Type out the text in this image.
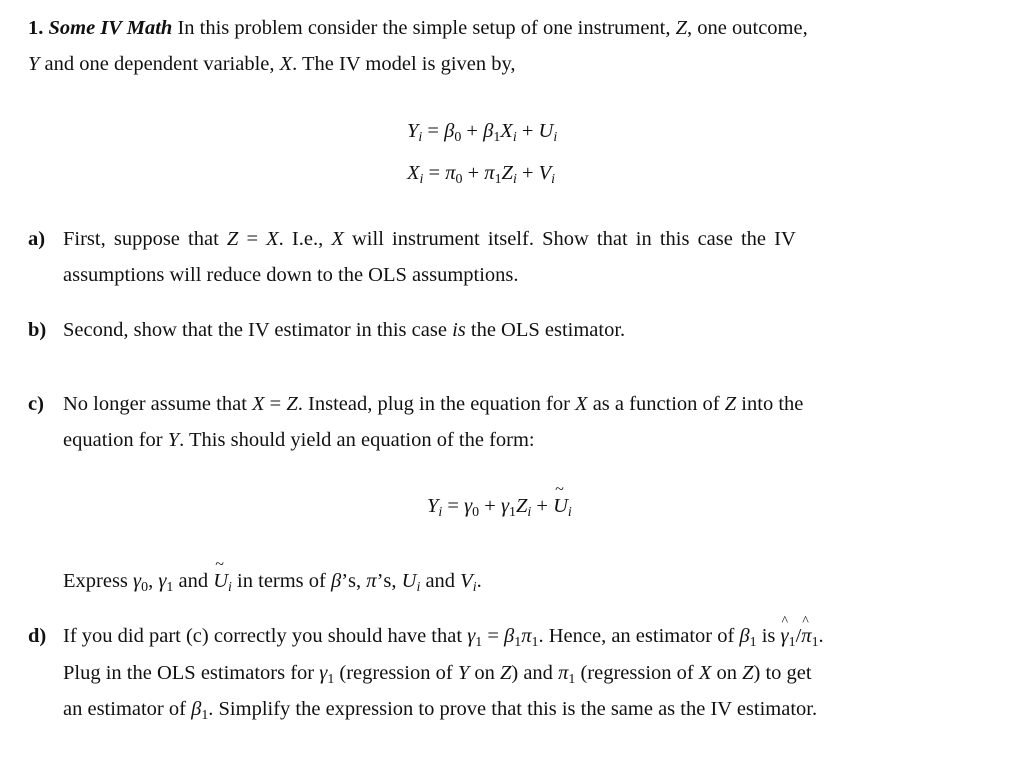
1. Some IV Math In this problem consider the simple setup of one instrument, Z, one outcome,
Y and one dependent variable, X. The IV model is given by,
$Y_i = \beta_0 + \beta_1X_i + U_i$
$X_i = \pi_0 + \pi_1Z_i + V_i$
a) First, suppose that Z = X. I.e., X will instrument itself. Show that in this case the IV
assumptions will reduce down to the OLS assumptions.
b) Second, show that the IV estimator in this case is the OLS estimator.
c) No longer assume that X = Z. Instead, plug in the equation for X as a function of Z into the
equation for Y. This should yield an equation of the form:
$Y_i = \gamma_0 + \gamma_1Z_i$ + ~ $U_i$
Express $\gamma_0$, $\gamma_1$ and ~ $U_i$ in terms of β’s, π’s, $U_i$ and $V_i$.
d) If you did part (c) correctly you should have that $\gamma_1 = \beta_1\pi_1$. Hence, an estimator of $\beta_1$ is ^ $\gamma_1/\^{}$ $\pi_1$.
Plug in the OLS estimators for $\gamma_1$ (regression of Y on Z) and $\pi_1$ (regression of X on Z) to get
an estimator of $\beta_1$. Simplify the expression to prove that this is the same as the IV estimator.
